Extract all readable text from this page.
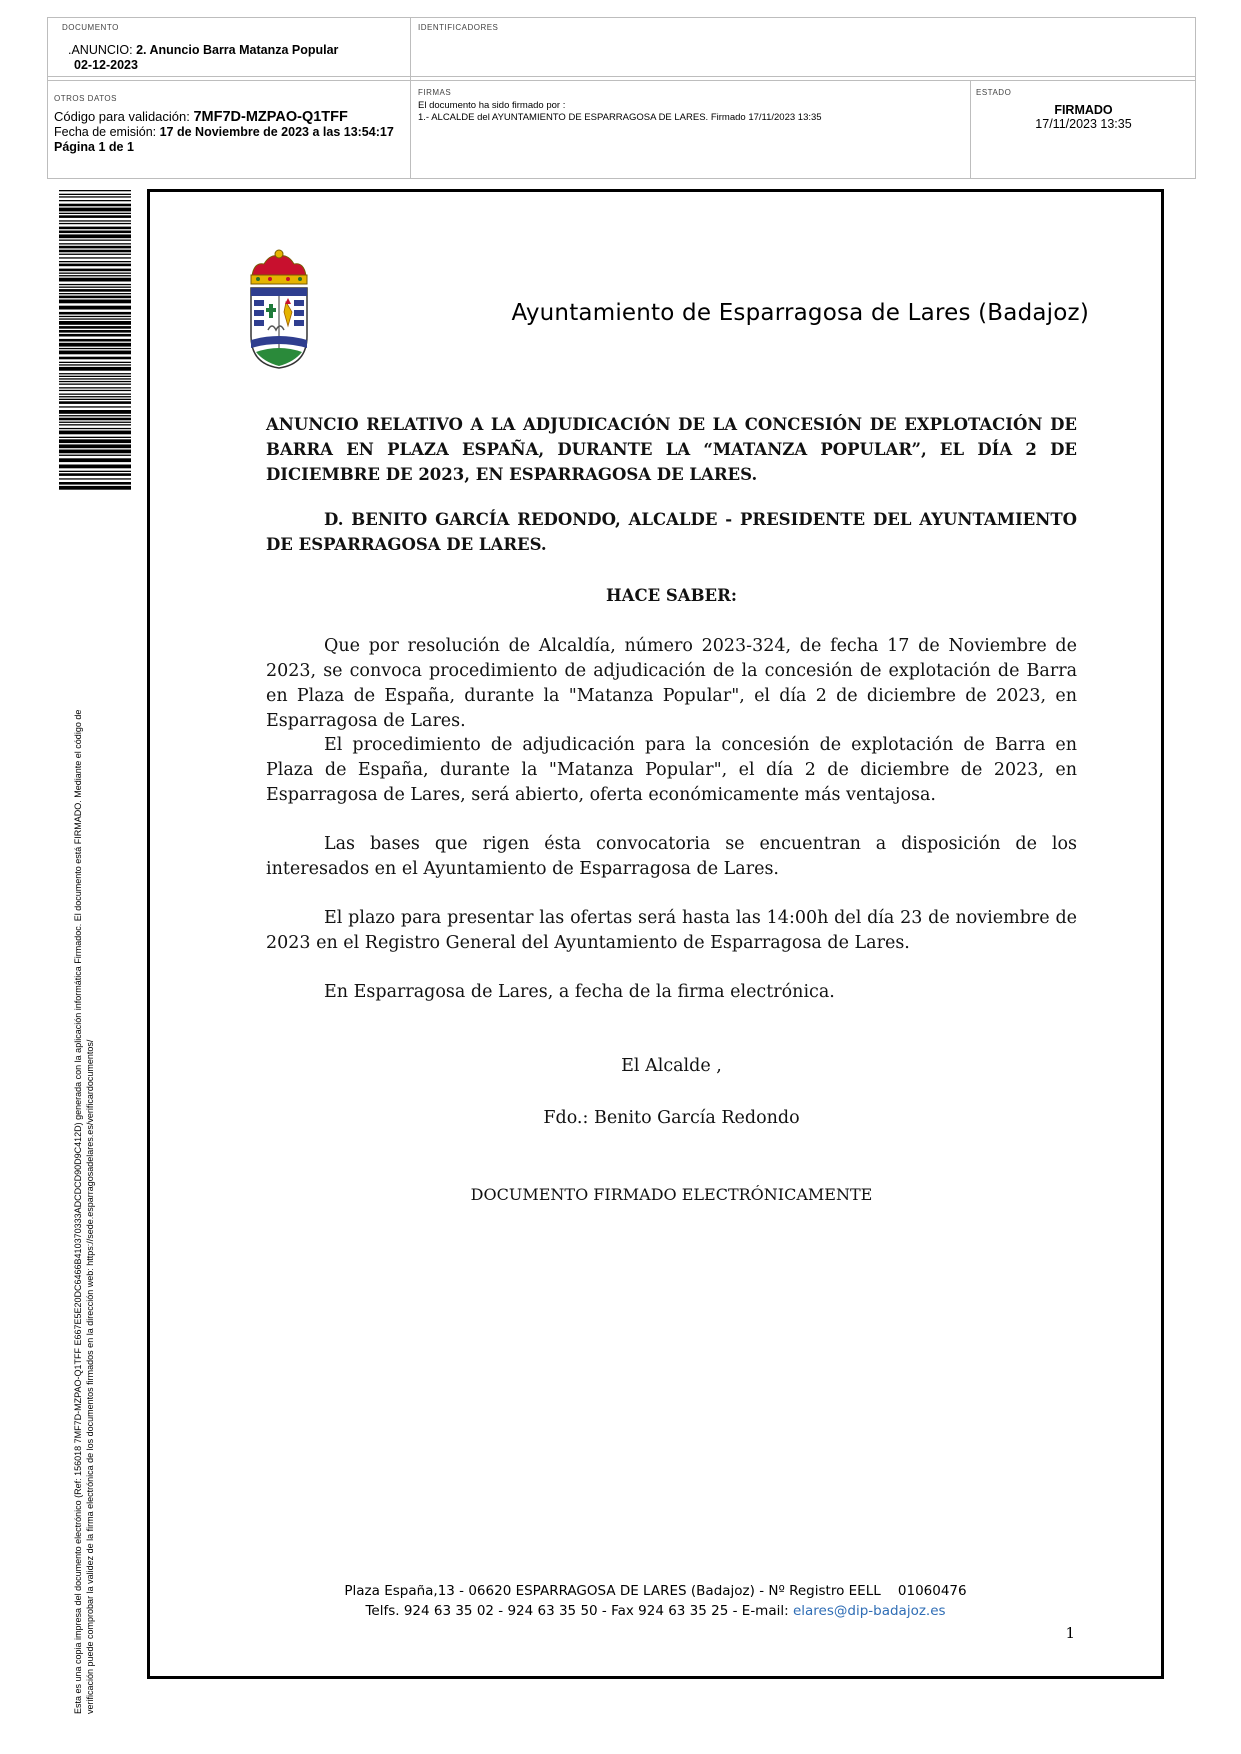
DOCUMENTO
.ANUNCIO: 2. Anuncio Barra Matanza Popular
02-12-2023
IDENTIFICADORES
OTROS DATOS
Código para validación: 7MF7D-MZPAO-Q1TFF
Fecha de emisión: 17 de Noviembre de 2023 a las 13:54:17
Página 1 de 1
FIRMAS
El documento ha sido firmado por :
1.- ALCALDE del AYUNTAMIENTO DE ESPARRAGOSA DE LARES. Firmado 17/11/2023 13:35
ESTADO
FIRMADO
17/11/2023 13:35
Esta es una copia impresa del documento electrónico (Ref: 156018 7MF7D-MZPAO-Q1TFF E667E5E20DC6466B410370333ADCDCD90D9C412D) generada con la aplicación informática Firmadoc. El documento está FIRMADO. Mediante el código de verificación puede comprobar la validez de la firma electrónica de los documentos firmados en la dirección web: https://sede.esparragosadelares.es/verificardocumentos/
Ayuntamiento de Esparragosa de Lares (Badajoz)
ANUNCIO RELATIVO A LA ADJUDICACIÓN DE LA CONCESIÓN DE EXPLOTACIÓN DE BARRA EN PLAZA ESPAÑA, DURANTE LA “MATANZA POPULAR”, EL DÍA 2 DE DICIEMBRE DE 2023, EN ESPARRAGOSA DE LARES.
D. BENITO GARCÍA REDONDO, ALCALDE - PRESIDENTE DEL AYUNTAMIENTO DE ESPARRAGOSA DE LARES.
HACE SABER:
Que por resolución de Alcaldía, número 2023-324, de fecha 17 de Noviembre de 2023, se convoca procedimiento de adjudicación de la concesión de explotación de Barra en Plaza de España, durante la "Matanza Popular", el día 2 de diciembre de 2023, en Esparragosa de Lares.
El procedimiento de adjudicación para la concesión de explotación de Barra en Plaza de España, durante la "Matanza Popular", el día 2 de diciembre de 2023, en Esparragosa de Lares, será abierto, oferta económicamente más ventajosa.
Las bases que rigen ésta convocatoria se encuentran a disposición de los interesados en el Ayuntamiento de Esparragosa de Lares.
El plazo para presentar las ofertas será hasta las 14:00h del día 23 de noviembre de 2023 en el Registro General del Ayuntamiento de Esparragosa de Lares.
En Esparragosa de Lares, a fecha de la firma electrónica.
El Alcalde ,
Fdo.: Benito García Redondo
DOCUMENTO FIRMADO ELECTRÓNICAMENTE
Plaza España,13 - 06620 ESPARRAGOSA DE LARES (Badajoz) - Nº Registro EELL    01060476
Telfs. 924 63 35 02 - 924 63 35 50 - Fax 924 63 35 25 - E-mail: elares@dip-badajoz.es
1
